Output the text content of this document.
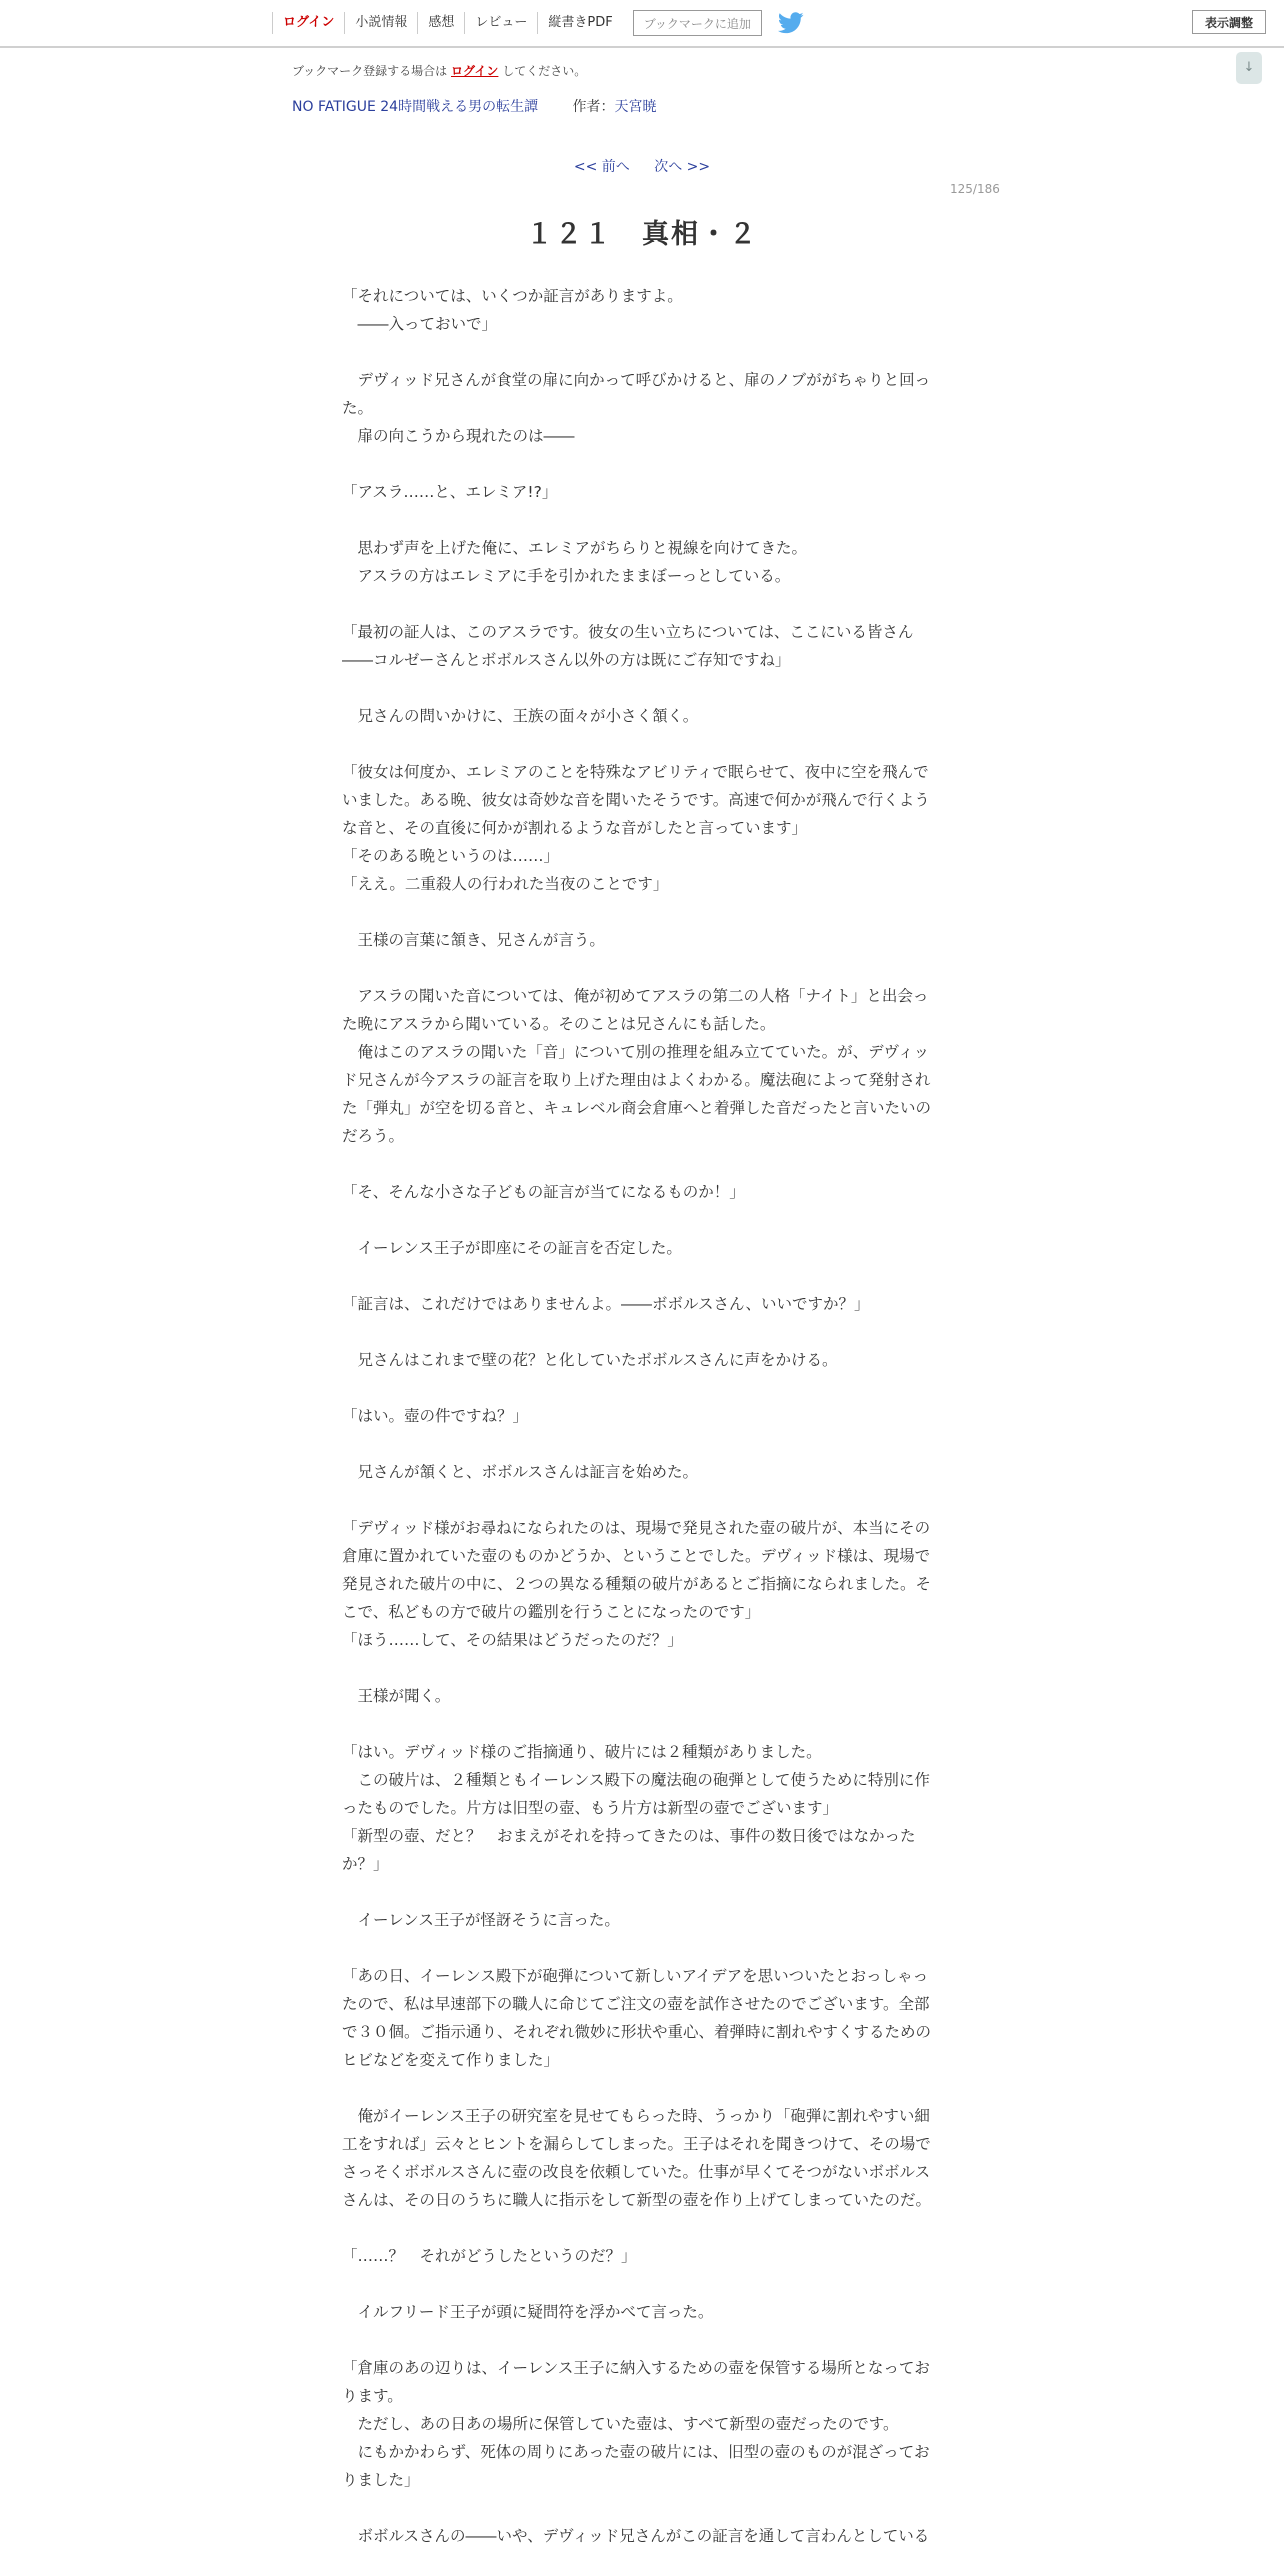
ログイン	小説情報	感想	レビュー	縦書きPDF	ブックマークに追加	表示調整
↓
ブックマーク登録する場合は ログイン してください。
NO FATIGUE 24時間戦える男の転生譚 作者：天宮暁
<< 前へ 次へ >>
125/186
１２１　真相・２

「それについては、いくつか証言がありますよ。

　――入っておいで」

　デヴィッド兄さんが食堂の扉に向かって呼びかけると、扉のノブががちゃりと回った。

　扉の向こうから現れたのは――

「アスラ……と、エレミア!?」

　思わず声を上げた俺に、エレミアがちらりと視線を向けてきた。

　アスラの方はエレミアに手を引かれたままぼーっとしている。

「最初の証人は、このアスラです。彼女の生い立ちについては、ここにいる皆さん――コルゼーさんとボボルスさん以外の方は既にご存知ですね」

　兄さんの問いかけに、王族の面々が小さく頷く。

「彼女は何度か、エレミアのことを特殊なアビリティで眠らせて、夜中に空を飛んでいました。ある晩、彼女は奇妙な音を聞いたそうです。高速で何かが飛んで行くような音と、その直後に何かが割れるような音がしたと言っています」

「そのある晩というのは……」

「ええ。二重殺人の行われた当夜のことです」

　王様の言葉に頷き、兄さんが言う。

　アスラの聞いた音については、俺が初めてアスラの第二の人格「ナイト」と出会った晩にアスラから聞いている。そのことは兄さんにも話した。

　俺はこのアスラの聞いた「音」について別の推理を組み立てていた。が、デヴィッド兄さんが今アスラの証言を取り上げた理由はよくわかる。魔法砲によって発射された「弾丸」が空を切る音と、キュレベル商会倉庫へと着弾した音だったと言いたいのだろう。

「そ、そんな小さな子どもの証言が当てになるものか！」

　イーレンス王子が即座にその証言を否定した。

「証言は、これだけではありませんよ。――ボボルスさん、いいですか？」

　兄さんはこれまで壁の花？と化していたボボルスさんに声をかける。

「はい。壺の件ですね？」

　兄さんが頷くと、ボボルスさんは証言を始めた。

「デヴィッド様がお尋ねになられたのは、現場で発見された壺の破片が、本当にその倉庫に置かれていた壺のものかどうか、ということでした。デヴィッド様は、現場で発見された破片の中に、２つの異なる種類の破片があるとご指摘になられました。そこで、私どもの方で破片の鑑別を行うことになったのです」

「ほう……して、その結果はどうだったのだ？」

　王様が聞く。

「はい。デヴィッド様のご指摘通り、破片には２種類がありました。

　この破片は、２種類ともイーレンス殿下の魔法砲の砲弾として使うために特別に作ったものでした。片方は旧型の壺、もう片方は新型の壺でございます」

「新型の壺、だと？　おまえがそれを持ってきたのは、事件の数日後ではなかったか？」

　イーレンス王子が怪訝そうに言った。

「あの日、イーレンス殿下が砲弾について新しいアイデアを思いついたとおっしゃったので、私は早速部下の職人に命じてご注文の壺を試作させたのでございます。全部で３０個。ご指示通り、それぞれ微妙に形状や重心、着弾時に割れやすくするためのヒビなどを変えて作りました」

　俺がイーレンス王子の研究室を見せてもらった時、うっかり「砲弾に割れやすい細工をすれば」云々とヒントを漏らしてしまった。王子はそれを聞きつけて、その場でさっそくボボルスさんに壺の改良を依頼していた。仕事が早くてそつがないボボルスさんは、その日のうちに職人に指示をして新型の壺を作り上げてしまっていたのだ。

「……？　それがどうしたというのだ？」

　イルフリード王子が頭に疑問符を浮かべて言った。

「倉庫のあの辺りは、イーレンス王子に納入するための壺を保管する場所となっております。

　ただし、あの日あの場所に保管していた壺は、すべて新型の壺だったのです。

　にもかかわらず、死体の周りにあった壺の破片には、旧型の壺のものが混ざっておりました」

　ボボルスさんの――いや、デヴィッド兄さんがこの証言を通して言わんとしている
